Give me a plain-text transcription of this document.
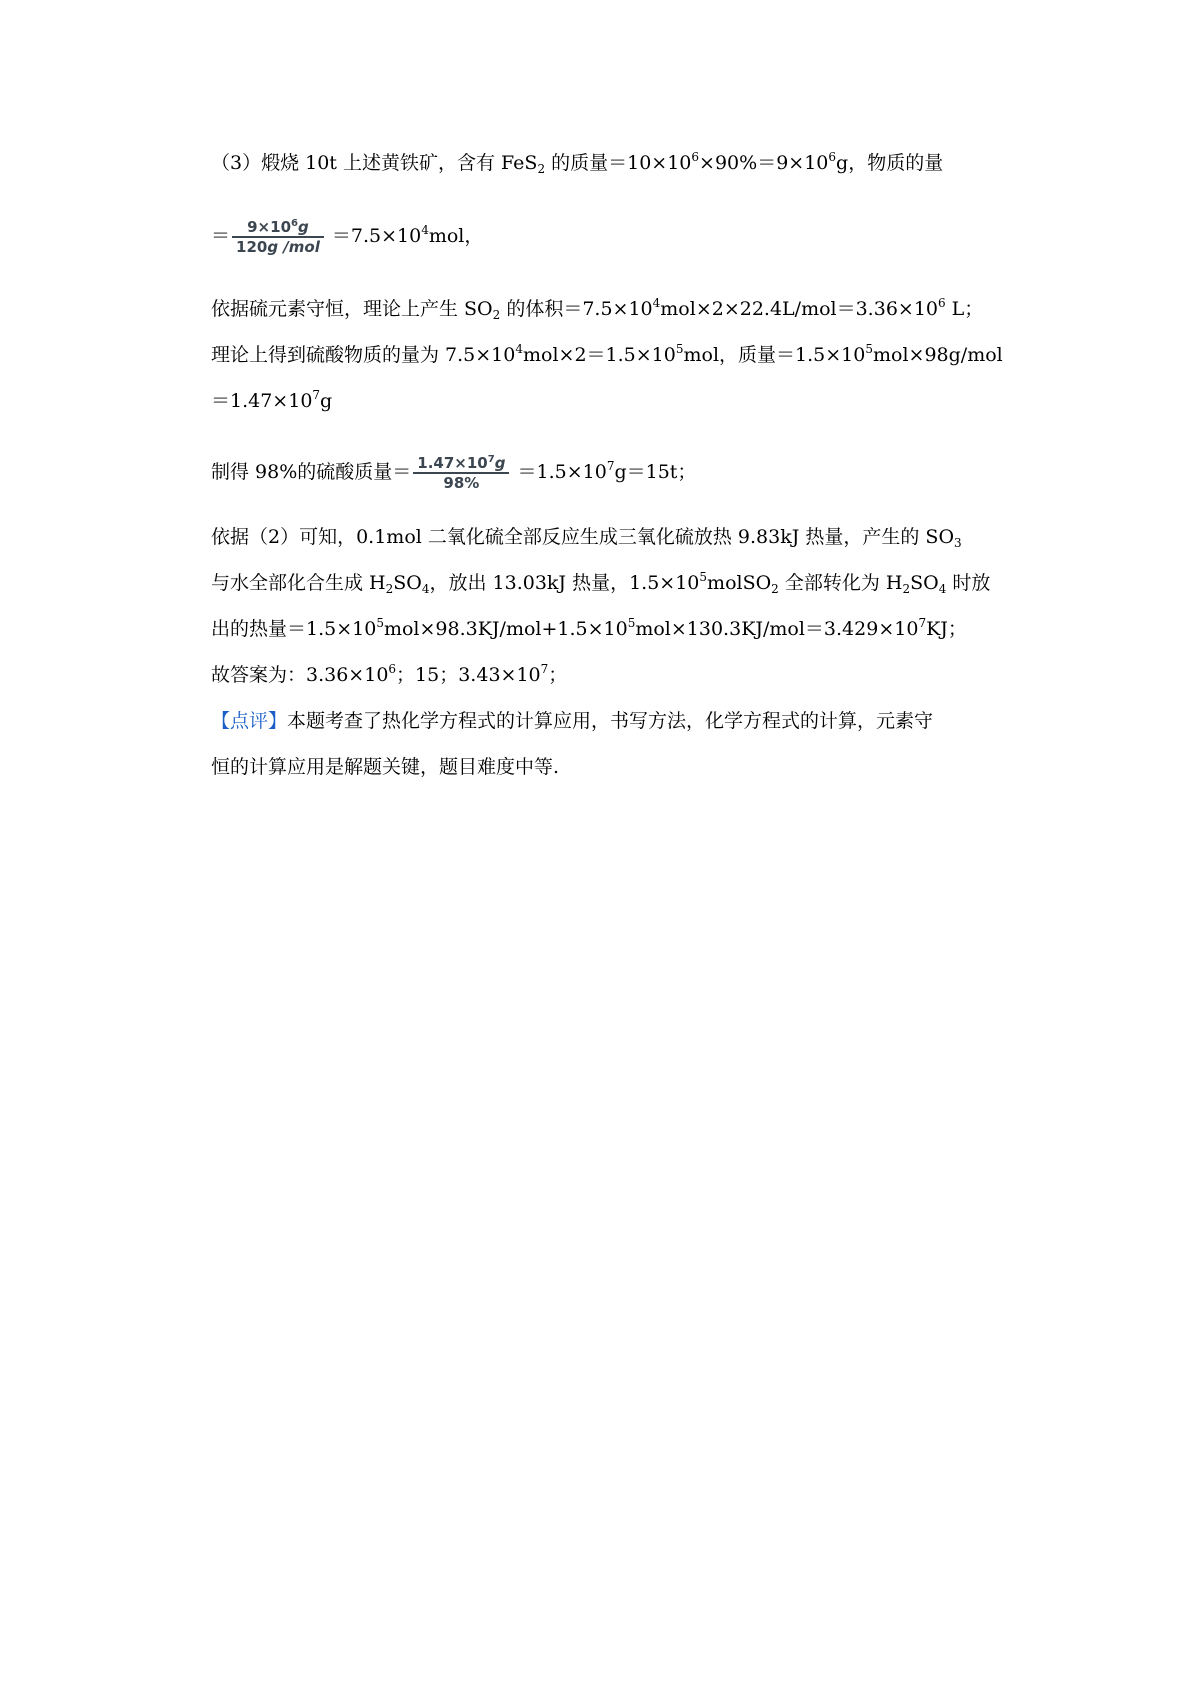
（3）煅烧 10t 上述黄铁矿，含有 FeS$_2$ 的质量$=10\times 10^6\times 90\%=9\times 10^6g$，物质的量
＝ $\frac{9\times 10^6g}{\text{120g /mol}} =7.5\times 10^4mol$，
依据硫元素守恒，理论上产生 $SO_2$ 的体积$=7.5\times 10^4mol\times 2\times 22.4L/mol=3.36\times 10^6$ L；
理论上得到硫酸物质的量为 $7.5\times 10^4mol\times 2=1.5\times 10^5mol$，质量$=1.5\times 10^5mol\times 98g$/mol
$=1.47\times 10^7g$
制得 98%的硫酸质量＝ $\frac{1.47\times 10^7g}{98\%} =1.5\times 10^7g=15t$；
依据（2）可知，0.1mol 二氧化硫全部反应生成三氧化硫放热 9.83kJ 热量，产生的 $SO_3$
与水全部化合生成 $H_2SO_4$，放出 13.03kJ 热量，$1.5\times 10^5molSO_2$ 全部转化为 $H_2SO_4$ 时放
出的热量$=1.5\times 10^5mol\times 98.3KJ/mol+1.5\times 10^5mol\times 130.3KJ/mol=3.429\times 10^7KJ$；
故答案为：$3.36\times 10^6$；15；$3.43\times 10^7$；
【点评】本题考查了热化学方程式的计算应用，书写方法，化学方程式的计算，元素守
恒的计算应用是解题关键，题目难度中等.
